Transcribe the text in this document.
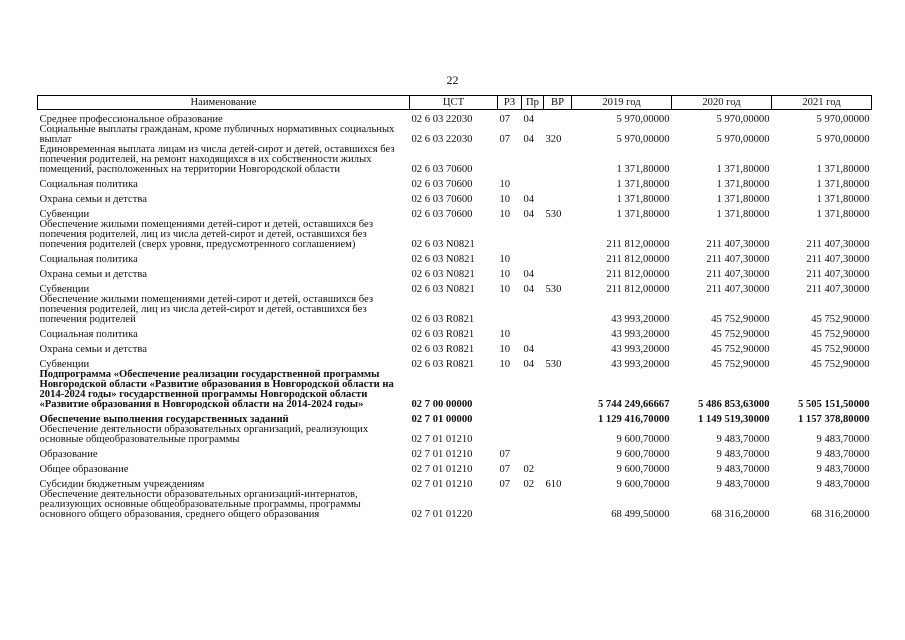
22
Наименование	ЦСТ	РЗ	Пр	ВР	2019 год	2020 год	2021 год
Среднее профессиональное образование	02 6 03 22030	07	04		5 970,00000	5 970,00000	5 970,00000
Социальные выплаты гражданам, кроме публичных нормативных социальных выплат	02 6 03 22030	07	04	320	5 970,00000	5 970,00000	5 970,00000
Единовременная выплата лицам из числа детей-сирот и детей, оставшихся без попечения родителей, на ремонт находящихся в их собственности жилых помещений, расположенных на территории Новгородской области	02 6 03 70600				1 371,80000	1 371,80000	1 371,80000
Социальная политика	02 6 03 70600	10			1 371,80000	1 371,80000	1 371,80000
Охрана семьи и детства	02 6 03 70600	10	04		1 371,80000	1 371,80000	1 371,80000
Субвенции	02 6 03 70600	10	04	530	1 371,80000	1 371,80000	1 371,80000
Обеспечение жилыми помещениями детей-сирот и детей, оставшихся без попечения родителей, лиц из числа детей-сирот и детей, оставшихся без попечения родителей (сверх уровня, предусмотренного соглашением)	02 6 03 N0821				211 812,00000	211 407,30000	211 407,30000
Социальная политика	02 6 03 N0821	10			211 812,00000	211 407,30000	211 407,30000
Охрана семьи и детства	02 6 03 N0821	10	04		211 812,00000	211 407,30000	211 407,30000
Субвенции	02 6 03 N0821	10	04	530	211 812,00000	211 407,30000	211 407,30000
Обеспечение жилыми помещениями детей-сирот и детей, оставшихся без попечения родителей, лиц из числа детей-сирот и детей, оставшихся без попечения родителей	02 6 03 R0821				43 993,20000	45 752,90000	45 752,90000
Социальная политика	02 6 03 R0821	10			43 993,20000	45 752,90000	45 752,90000
Охрана семьи и детства	02 6 03 R0821	10	04		43 993,20000	45 752,90000	45 752,90000
Субвенции	02 6 03 R0821	10	04	530	43 993,20000	45 752,90000	45 752,90000
Подпрограмма «Обеспечение реализации государственной программы Новгородской области «Развитие образования в Новгородской области на 2014-2024 годы» государственной программы Новгородской области «Развитие образования в Новгородской области на 2014-2024 годы»	02 7 00 00000				5 744 249,66667	5 486 853,63000	5 505 151,50000
Обеспечение выполнения государственных заданий	02 7 01 00000				1 129 416,70000	1 149 519,30000	1 157 378,80000
Обеспечение деятельности образовательных организаций, реализующих основные общеобразовательные программы	02 7 01 01210				9 600,70000	9 483,70000	9 483,70000
Образование	02 7 01 01210	07			9 600,70000	9 483,70000	9 483,70000
Общее образование	02 7 01 01210	07	02		9 600,70000	9 483,70000	9 483,70000
Субсидии бюджетным учреждениям	02 7 01 01210	07	02	610	9 600,70000	9 483,70000	9 483,70000
Обеспечение деятельности образовательных организаций-интернатов, реализующих основные общеобразовательные программы, программы основного общего образования, среднего общего образования	02 7 01 01220				68 499,50000	68 316,20000	68 316,20000
